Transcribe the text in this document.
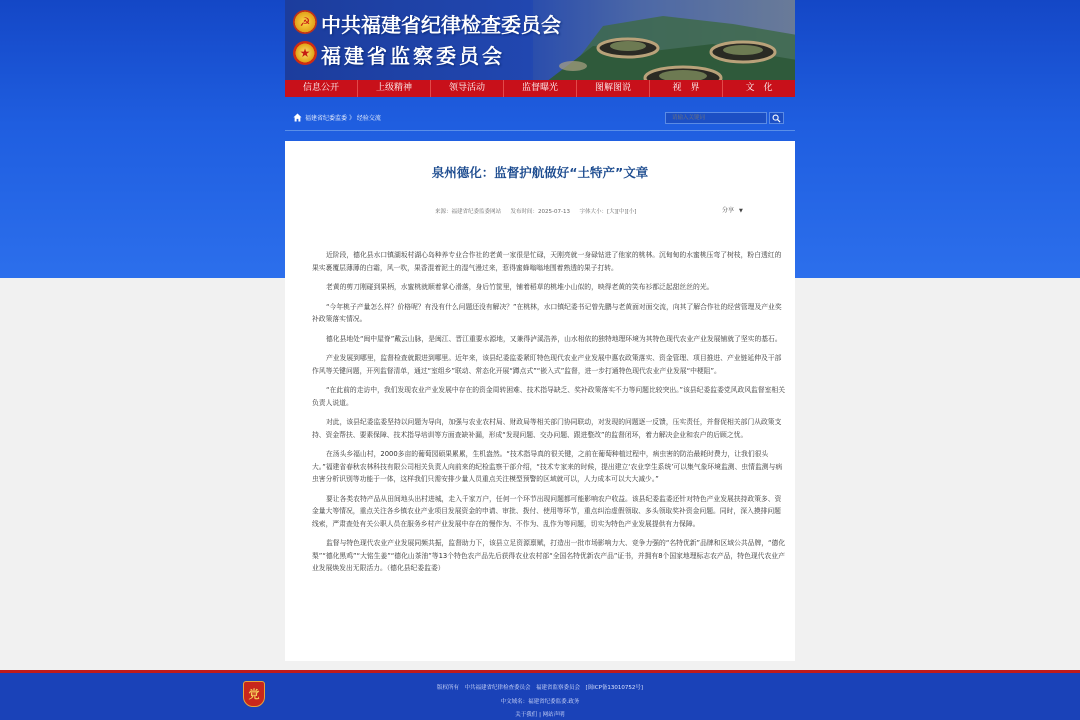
☭ 中共福建省纪律检查委员会
★ 福建省监察委员会
信息公开	上级精神	领导活动	监督曝光	图解图说	视　界	文　化
福建省纪委监委 》 经验交流
请输入关键词
泉州德化：监督护航做好“土特产”文章
来源：福建省纪委监委网站 发布时间：2025-07-13 字体大小：[大][中][小]	分享 ▼

近阶段，德化县水口镇湖坂村湖心岛种养专业合作社的老黄一家很是忙碌，天刚亮就一身碌钻进了他家的桃林。沉甸甸的水蜜桃压弯了树枝，粉白透红的果实裹覆层薄薄的白霜，风一吹，果香混着泥土的湿气漫过来，惹得蜜蜂嗡嗡地围着熟透的果子打转。

老黄的剪刀刚碰到果柄，水蜜桃就顺着掌心滑落，身后竹筐里，铺着稻草的桃堆小山似的，映得老黄的笑布衫都泛起甜丝丝的光。

“今年桃子产量怎么样？价格呢？有没有什么问题还没有解决？”在桃林，水口镇纪委书记曾先鹏与老黄面对面交流，向其了解合作社的经营管理及产业奖补政策落实情况。

德化县地处“闽中屋脊”戴云山脉，是闽江、晋江重要水源地，又兼得泸溪浩养，山水相依的独特地理环境为其特色现代农业产业发展铺就了坚实的基石。

产业发展到哪里，监督检查就跟进到哪里。近年来，该县纪委监委紧盯特色现代农业产业发展中惠农政策落实、资金管理、项目推进、产业链延伸及干部作风等关键问题，开列监督清单，通过“室组乡”联动、常态化开展“蹲点式”“嵌入式”监督，进一步打通特色现代农业产业发展“中梗阻”。

“在此前的走访中，我们发现农业产业发展中存在的资金周转困难、技术指导缺乏、奖补政策落实不力等问题比较突出。”该县纪委监委党风政风监督室相关负责人说道。

对此，该县纪委监委坚持以问题为导向，加强与农业农村局、财政局等相关部门协同联动，对发现的问题逐一反馈，压实责任，并督促相关部门从政策支持、资金帮扶、要素保障、技术指导培训等方面查缺补漏，形成“发现问题、交办问题、跟进整改”的监督闭环，着力解决企业和农户的后顾之忧。

在汤头乡福山村，2000多亩的葡萄园硕果累累，生机盎然。“技术指导真的很关键，之前在葡萄种植过程中，病虫害的防治最耗时费力，让我们很头大。”福建省春秋农林科技有限公司相关负责人向前来的纪检监察干部介绍，“技术专家来的时候，提出建立‘农业孪生系统’可以集气象环境监测、虫情监测与病虫害分析识别等功能于一体，这样我们只需安排少量人员重点关注模型预警的区域就可以，人力成本可以大大减少。”

要让各类农特产品从田间地头出村进城，走入千家万户，任何一个环节出现问题都可能影响农户收益。该县纪委监委还针对特色产业发展扶持政策多、资金量大等情况，重点关注各乡镇农业产业项目发展资金的申请、审批、拨付、使用等环节，重点纠治虚假领取、多头领取奖补资金问题。同时，深入摸排问题线索，严肃查处有关公职人员在服务乡村产业发展中存在的慢作为、不作为、乱作为等问题，切实为特色产业发展提供有力保障。

监督与特色现代农业产业发展同频共振，监督助力下，该县立足资源禀赋，打造出一批市场影响力大、竞争力强的“名特优新”品牌和区域公共品牌，“德化梨”“德化黑鸡”“大铭生姜”“德化山茶油”等13个特色农产品先后获得农业农村部“全国名特优新农产品”证书，并拥有8个国家地理标志农产品，特色现代农业产业发展焕发出无限活力。（德化县纪委监委）

党	版权所有　中共福建省纪律检查委员会　福建省监察委员会　[闽ICP备13010752号]
中文域名：福建省纪委监委.政务
关于我们 | 网站声明
